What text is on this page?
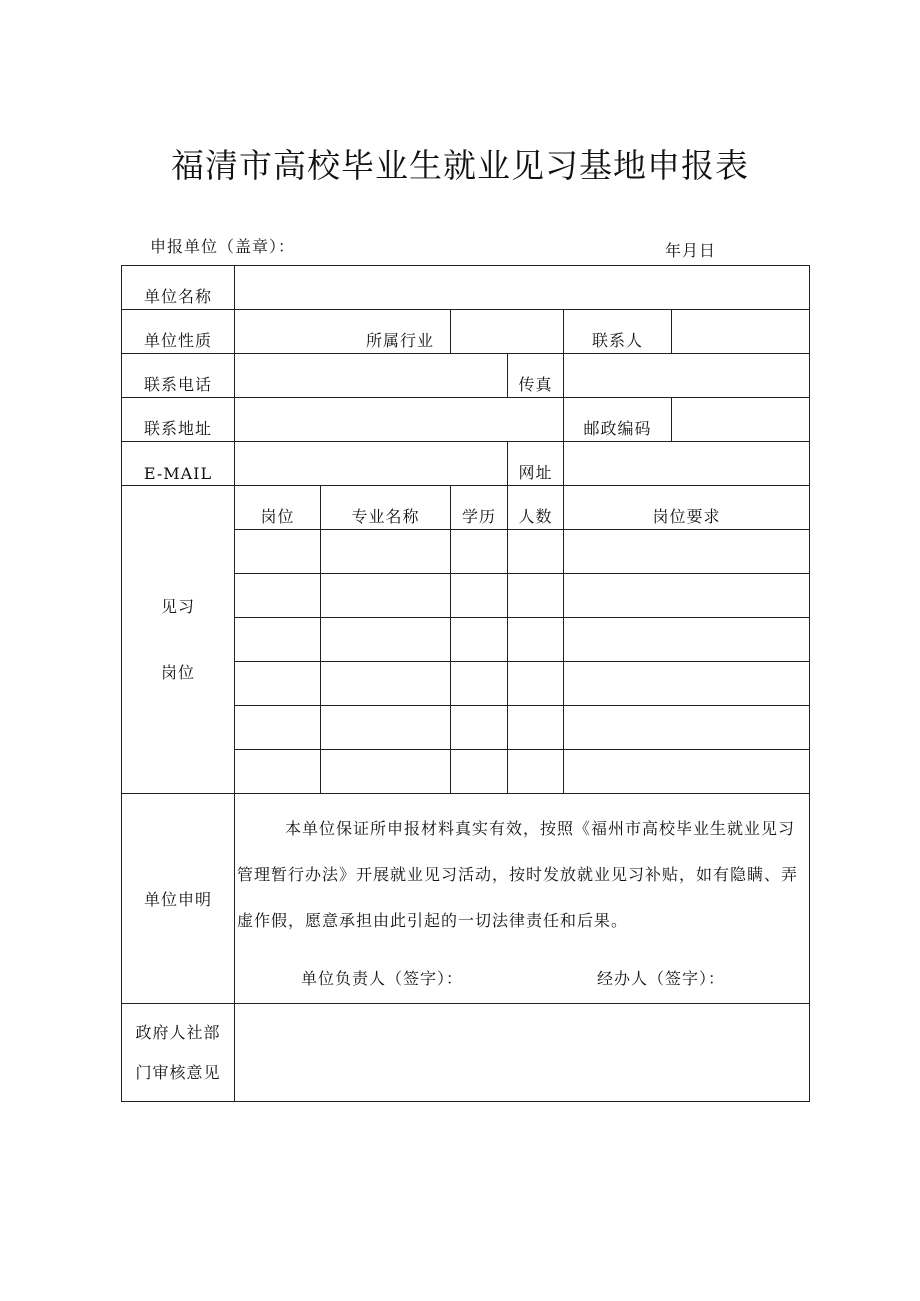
福清市高校毕业生就业见习基地申报表
申报单位（盖章）：	年月日
单位名称						
单位性质	所属行业				联系人	
联系电话				传真		
联系地址					邮政编码	
E-MAIL				网址		

见习
岗位	岗位	专业名称	学历	人数	岗位要求	

单位申明	本单位保证所申报材料真实有效，按照《福州市高校毕业生就业见习管理暂行办法》开展就业见习活动，按时发放就业见习补贴，如有隐瞒、弄虚作假，愿意承担由此引起的一切法律责任和后果。
单位负责人（签字）： 经办人（签字）：					

政府人社部
门审核意见						
